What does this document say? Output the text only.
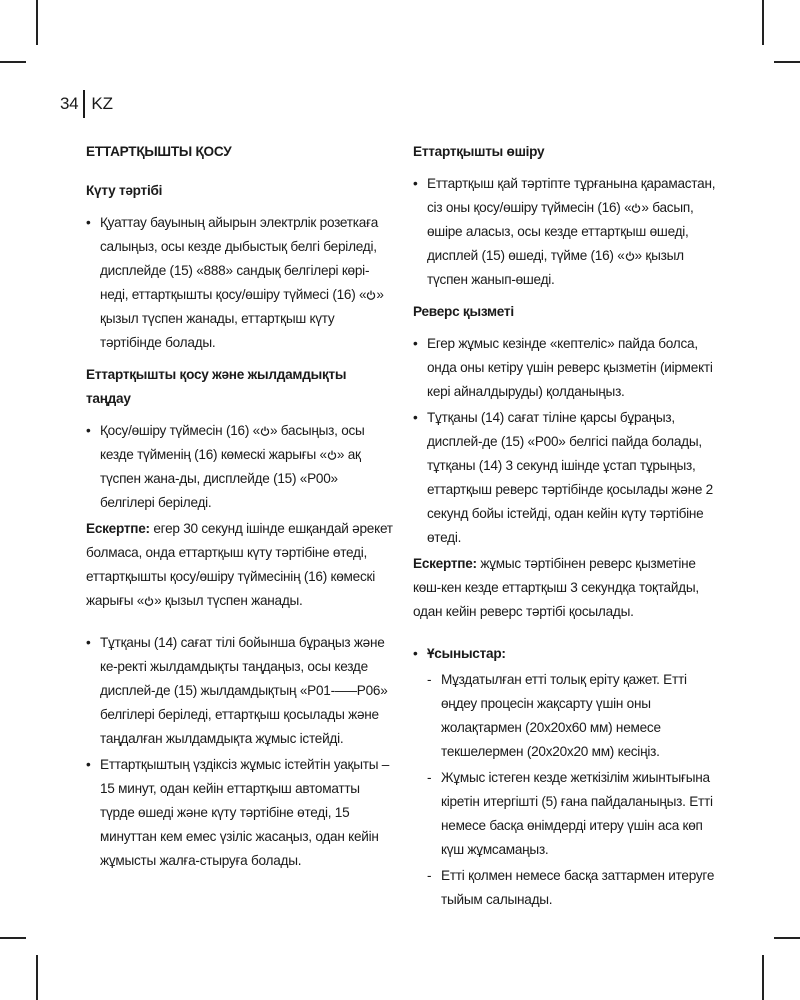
34 KZ
ЕТТАРТҚЫШТЫ ҚОСУ
Күту тәртібі
• Қуаттау бауының айырын электрлік розеткаға салыңыз, осы кезде дыбыстық белгі беріледі, дисплейде (15) «888» сандық белгілері көрі-неді, еттартқышты қосу/өшіру түймесі (16) « » қызыл түспен жанады, еттартқыш күту тәртібінде болады.
Еттартқышты қосу және жылдамдықты таңдау
• Қосу/өшіру түймесін (16) « » басыңыз, осы кезде түйменің (16) көмескі жарығы « » ақ түспен жана-ды, дисплейде (15) «P00» белгілері беріледі.

Ескертпе: егер 30 секунд ішінде ешқандай әрекет болмаса, онда еттартқыш күту тәртібіне өтеді, еттартқышты қосу/өшіру түймесінің (16) көмескі жарығы « » қызыл түспен жанады.

• Тұтқаны (14) сағат тілі бойынша бұраңыз және ке-ректі жылдамдықты таңдаңыз, осы кезде дисплей-де (15) жылдамдықтың «P01-–––P06» белгілері беріледі, еттартқыш қосылады және таңдалған жылдамдықта жұмыс істейді.
• Еттартқыштың үздіксіз жұмыс істейтін уақыты – 15 минут, одан кейін еттартқыш автоматты түрде өшеді және күту тәртібіне өтеді, 15 минуттан кем емес үзіліс жасаңыз, одан кейін жұмысты жалға-стыруға болады.
Еттартқышты өшіру
• Еттартқыш қай тәртіпте тұрғанына қарамастан, сіз оны қосу/өшіру түймесін (16) « » басып, өшіре аласыз, осы кезде еттартқыш өшеді, дисплей (15) өшеді, түйме (16) « » қызыл түспен жанып-өшеді.
Реверс қызметі
• Егер жұмыс кезінде «кептеліс» пайда болса, онда оны кетіру үшін реверс қызметін (иірмекті кері айналдыруды) қолданыңыз.
• Тұтқаны (14) сағат тіліне қарсы бұраңыз, дисплей-де (15) «P00» белгісі пайда болады, тұтқаны (14) 3 секунд ішінде ұстап тұрыңыз, еттартқыш реверс тәртібінде қосылады және 2 секунд бойы істейді, одан кейін күту тәртібіне өтеді.

Ескертпе: жұмыс тәртібінен реверс қызметіне көш-кен кезде еттартқыш 3 секундқа тоқтайды, одан кейін реверс тәртібі қосылады.

• Ұсыныстар:
- Мұздатылған етті толық еріту қажет. Етті өңдеу процесін жақсарту үшін оны жолақтармен (20х20х60 мм) немесе текшелермен (20х20х20 мм) кесіңіз.
- Жұмыс істеген кезде жеткізілім жиынтығына кіретін итергішті (5) ғана пайдаланыңыз. Етті немесе басқа өнімдерді итеру үшін аса көп күш жұмсамаңыз.
- Етті қолмен немесе басқа заттармен итеруге тыйым салынады.
